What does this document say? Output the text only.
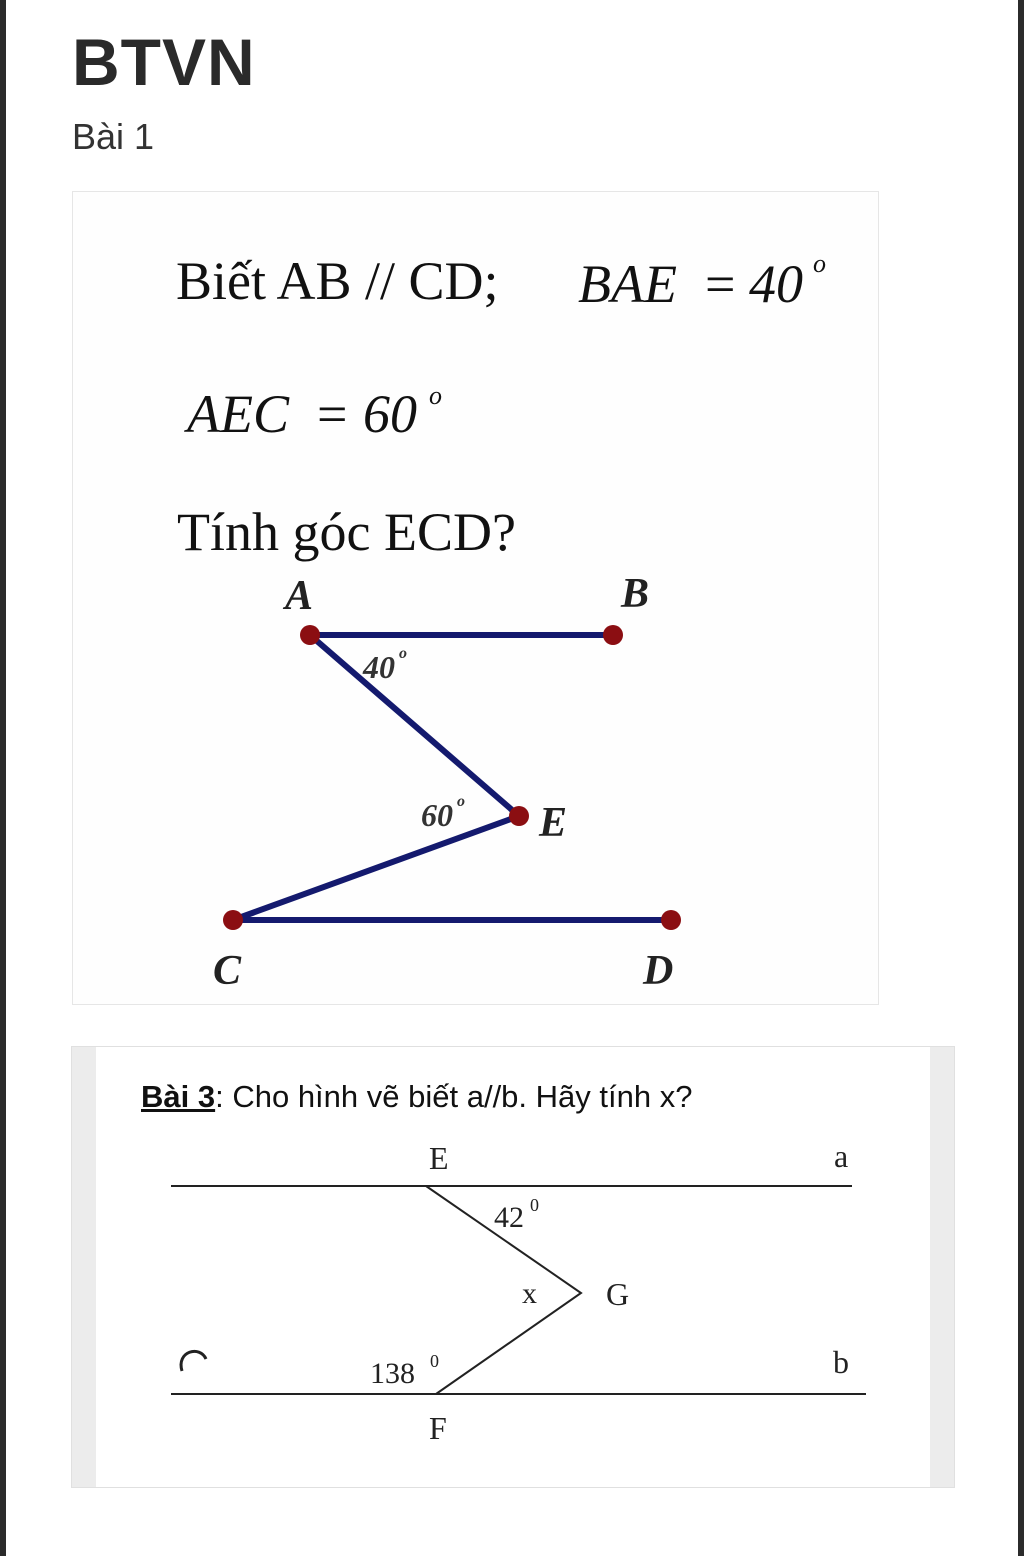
BTVN

Bài 1

Biết AB // CD; BAE = 40 o
AEC = 60 o
Tính góc ECD?
A	B
E
C	D
40 o
60 o
Bài 3: Cho hình vẽ biết a//b. Hãy tính x?
E
F
G
a
b
42 0
x
138 0
